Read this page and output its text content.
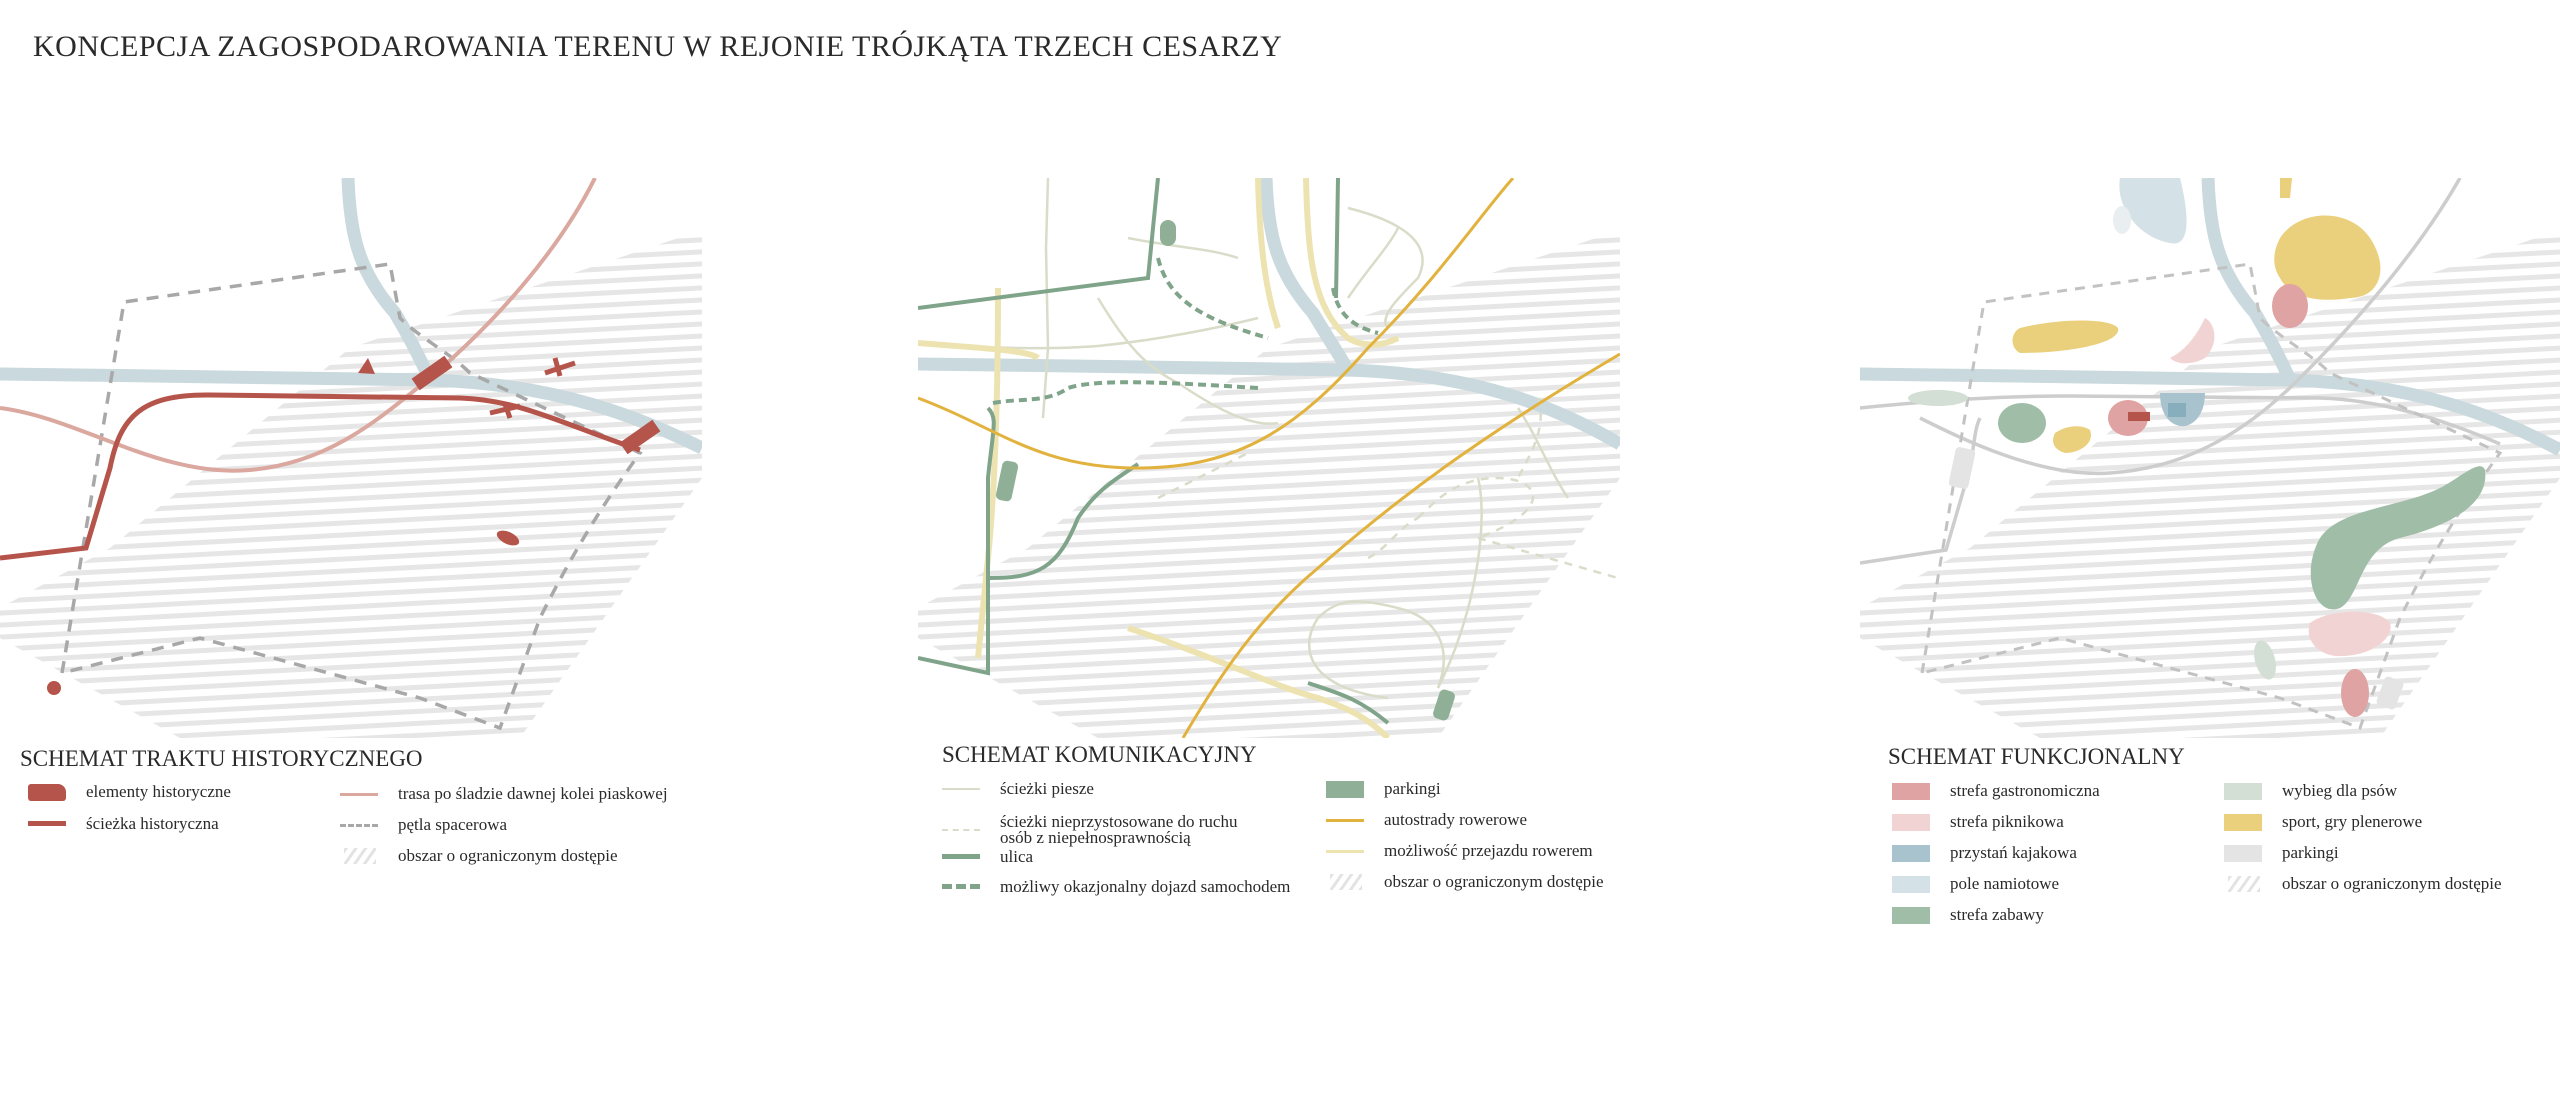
KONCEPCJA ZAGOSPODAROWANIA TERENU W REJONIE TRÓJKĄTA TRZECH CESARZY
SCHEMAT TRAKTU HISTORYCZNEGO
elementy historyczne
ścieżka historyczna
trasa po śladzie dawnej kolei piaskowej
pętla spacerowa
obszar o ograniczonym dostępie
SCHEMAT KOMUNIKACYJNY
ścieżki piesze
ścieżki nieprzystosowane do ruchu osób z niepełnosprawnością
ulica
możliwy okazjonalny dojazd samochodem
parkingi
autostrady rowerowe
możliwość przejazdu rowerem
obszar o ograniczonym dostępie
SCHEMAT FUNKCJONALNY
strefa gastronomiczna
strefa piknikowa
przystań kajakowa
pole namiotowe
strefa zabawy
wybieg dla psów
sport, gry plenerowe
parkingi
obszar o ograniczonym dostępie
